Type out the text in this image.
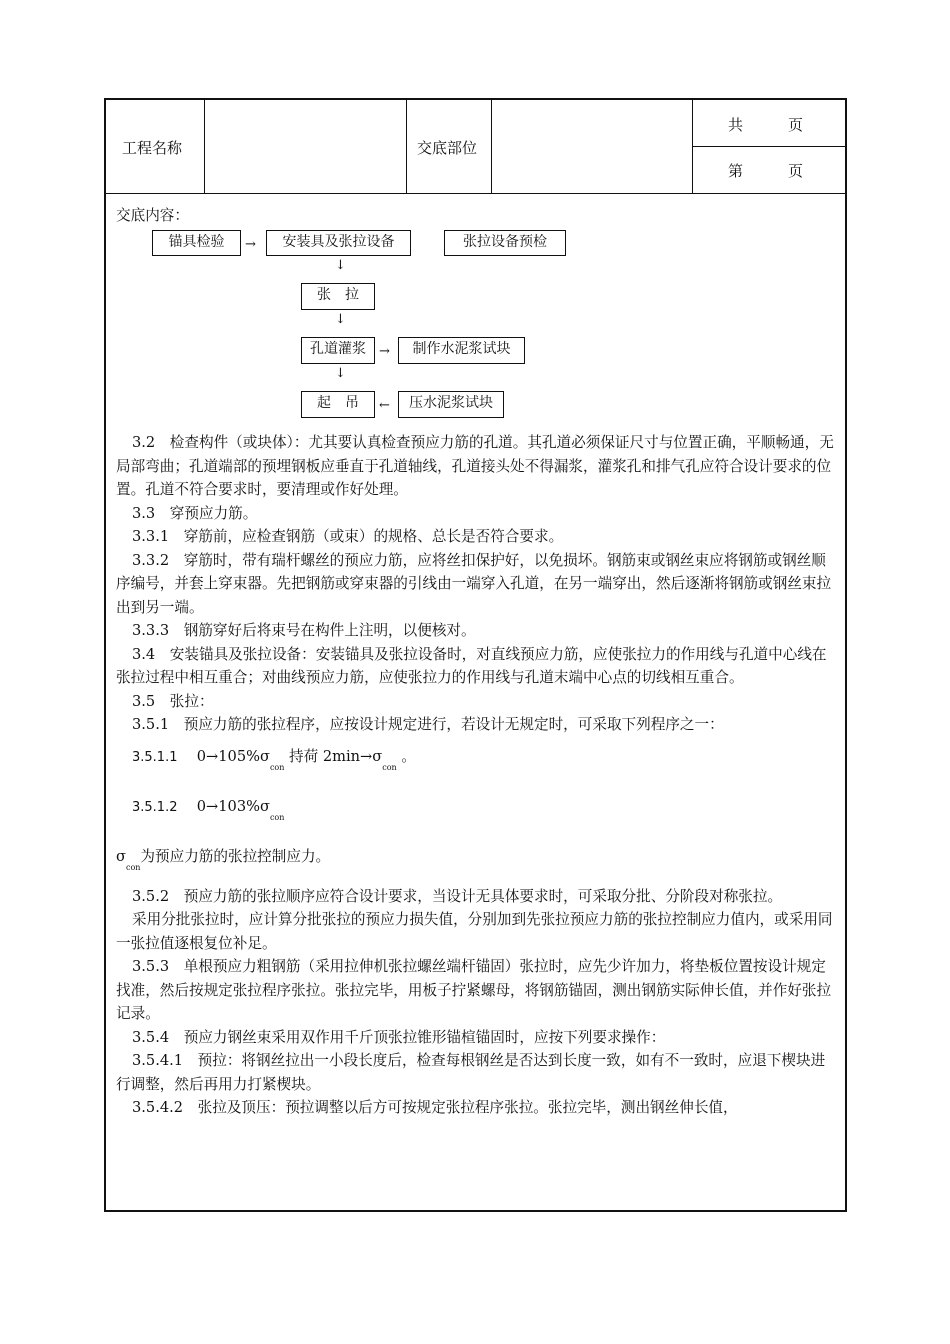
工程名称	交底部位
共　　　页
第　　　页
交底内容：
锚具检验	→	安装具及张拉设备	张拉设备预检
↓
张　拉
↓
孔道灌浆	→	制作水泥浆试块
↓
起　吊	←	压水泥浆试块

3.2　检查构件（或块体）：尤其要认真检查预应力筋的孔道。其孔道必须保证尺寸与位置正确，平顺畅通，无局部弯曲；孔道端部的预埋钢板应垂直于孔道轴线，孔道接头处不得漏浆，灌浆孔和排气孔应符合设计要求的位置。孔道不符合要求时，要清理或作好处理。

3.3　穿预应力筋。

3.3.1　穿筋前，应检查钢筋（或束）的规格、总长是否符合要求。

3.3.2　穿筋时，带有瑞杆螺丝的预应力筋，应将丝扣保护好，以免损坏。钢筋束或钢丝束应将钢筋或钢丝顺序编号，并套上穿束器。先把钢筋或穿束器的引线由一端穿入孔道，在另一端穿出，然后逐渐将钢筋或钢丝束拉出到另一端。

3.3.3　钢筋穿好后将束号在构件上注明，以便核对。

3.4　安装锚具及张拉设备：安装锚具及张拉设备时，对直线预应力筋，应使张拉力的作用线与孔道中心线在张拉过程中相互重合；对曲线预应力筋，应使张拉力的作用线与孔道末端中心点的切线相互重合。

3.5　张拉：

3.5.1　预应力筋的张拉程序，应按设计规定进行，若设计无规定时，可采取下列程序之一：

3.5.1.1 　 $0\to 105\%\sigma_{con}$ 持荷 $2\min\to\sigma_{con}$ 。
3.5.1.2 　 $0\to 103\%\sigma_{con}$
$\sigma_{con}$为预应力筋的张拉控制应力。

3.5.2　预应力筋的张拉顺序应符合设计要求，当设计无具体要求时，可采取分批、分阶段对称张拉。

采用分批张拉时，应计算分批张拉的预应力损失值，分别加到先张拉预应力筋的张拉控制应力值内，或采用同一张拉值逐根复位补足。

3.5.3　单根预应力粗钢筋（采用拉伸机张拉螺丝端杆锚固）张拉时，应先少许加力，将垫板位置按设计规定找准，然后按规定张拉程序张拉。张拉完毕，用板子拧紧螺母，将钢筋锚固，测出钢筋实际伸长值，并作好张拉记录。

3.5.4　预应力钢丝束采用双作用千斤顶张拉锥形锚楦锚固时，应按下列要求操作：

3.5.4.1　预拉：将钢丝拉出一小段长度后，检查每根钢丝是否达到长度一致，如有不一致时，应退下楔块进行调整，然后再用力打紧楔块。

3.5.4.2　张拉及顶压：预拉调整以后方可按规定张拉程序张拉。张拉完毕，测出钢丝伸长值，
